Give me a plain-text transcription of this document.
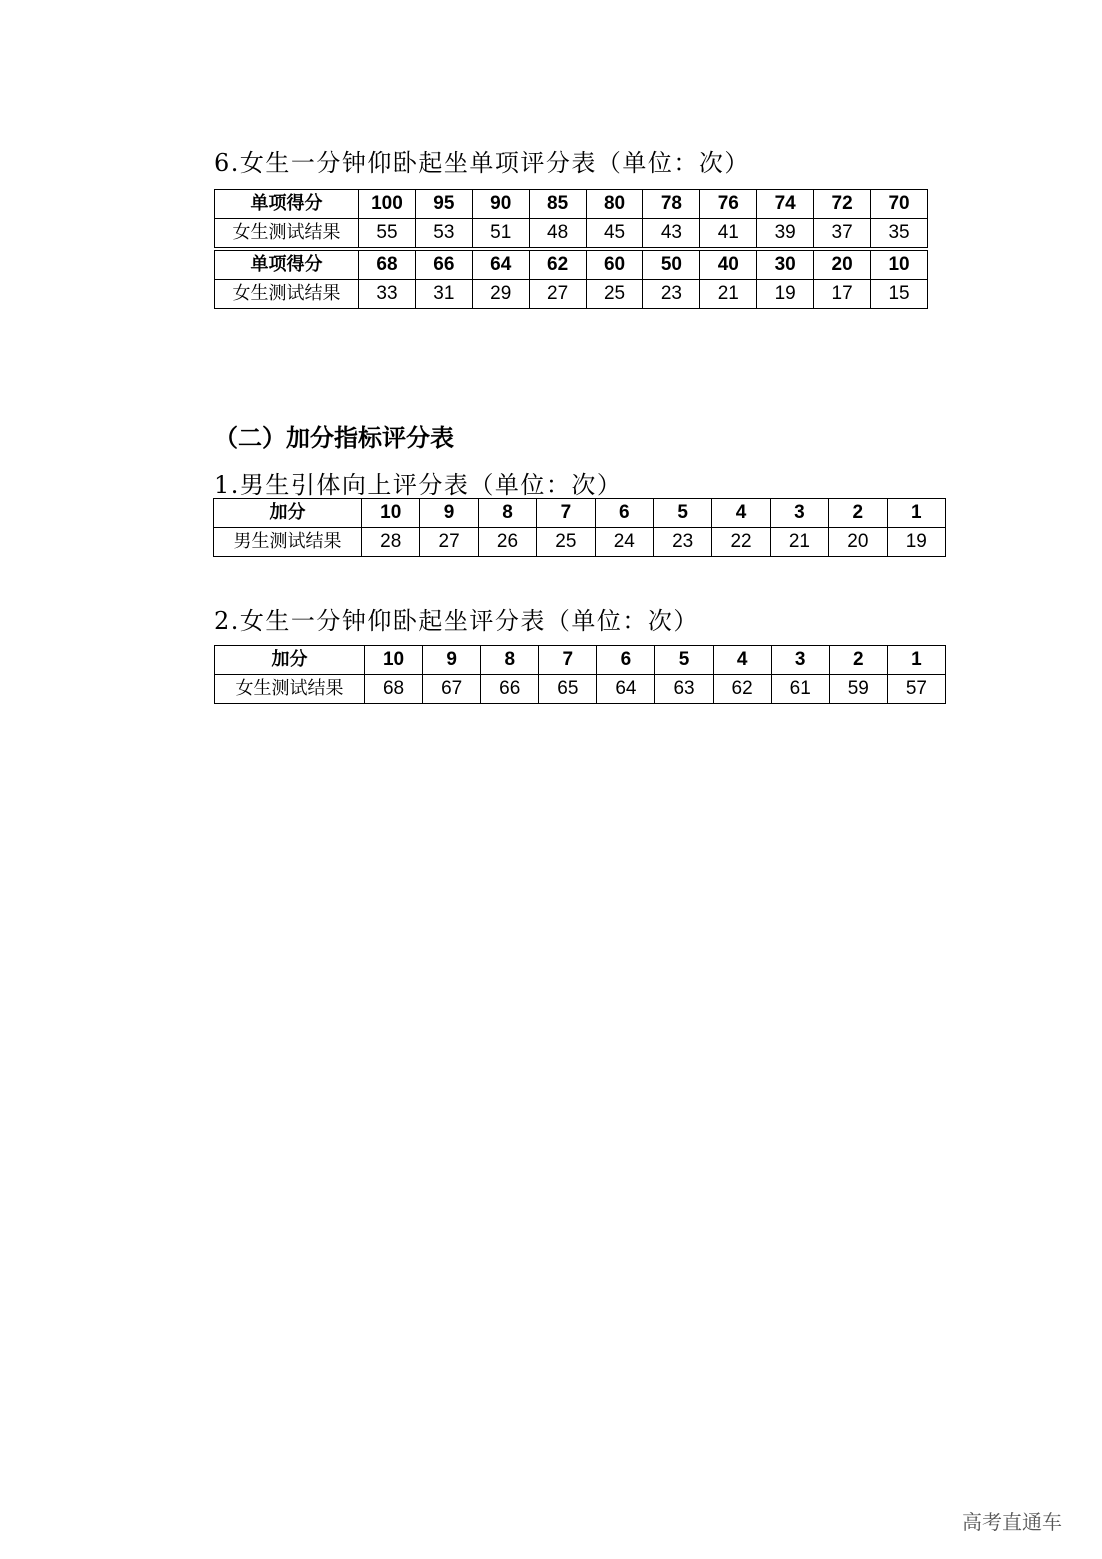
6.女生一分钟仰卧起坐单项评分表（单位：次）

单项得分	100	95	90	85	80	78	76	74	72	70
女生测试结果	55	53	51	48	45	43	41	39	37	35
单项得分	68	66	64	62	60	50	40	30	20	10
女生测试结果	33	31	29	27	25	23	21	19	17	15

（二）加分指标评分表

1.男生引体向上评分表（单位：次）

加分	10	9	8	7	6	5	4	3	2	1
男生测试结果	28	27	26	25	24	23	22	21	20	19

2.女生一分钟仰卧起坐评分表（单位：次）

加分	10	9	8	7	6	5	4	3	2	1
女生测试结果	68	67	66	65	64	63	62	61	59	57

高考直通车
